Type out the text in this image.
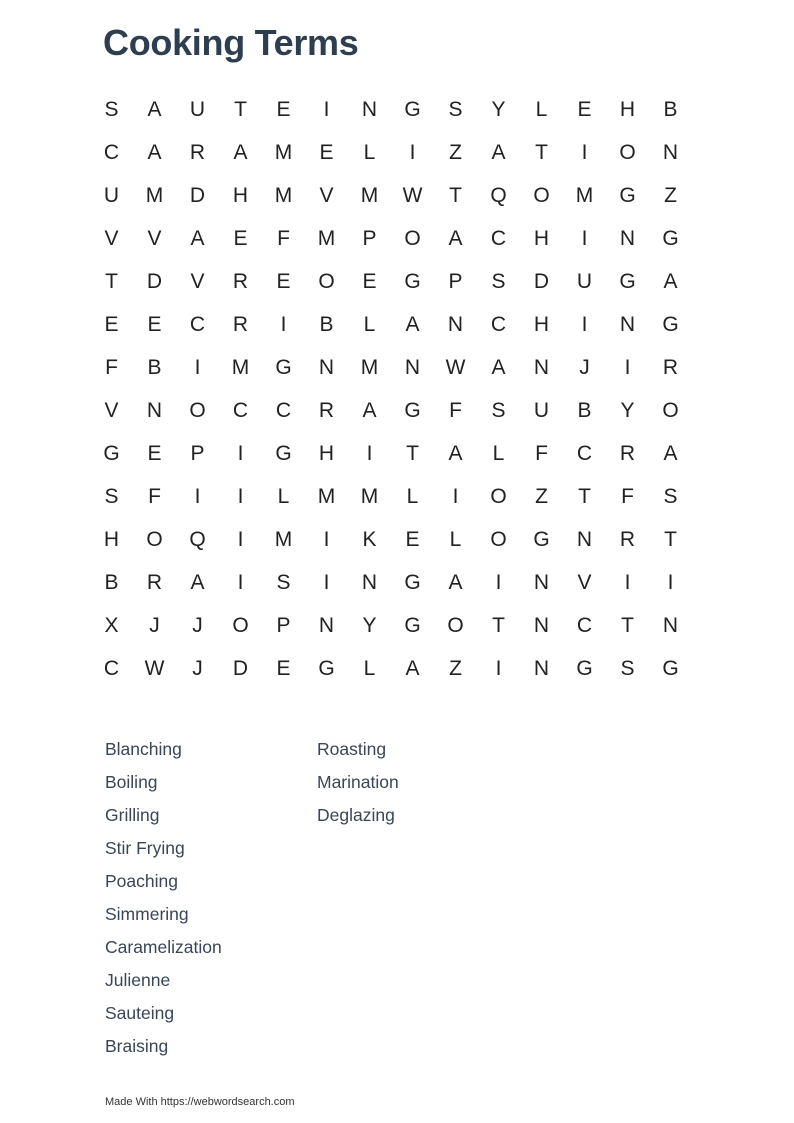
Cooking Terms
S	A	U	T	E	I	N	G	S	Y	L	E	H	B
C	A	R	A	M	E	L	I	Z	A	T	I	O	N
U	M	D	H	M	V	M	W	T	Q	O	M	G	Z
V	V	A	E	F	M	P	O	A	C	H	I	N	G
T	D	V	R	E	O	E	G	P	S	D	U	G	A
E	E	C	R	I	B	L	A	N	C	H	I	N	G
F	B	I	M	G	N	M	N	W	A	N	J	I	R
V	N	O	C	C	R	A	G	F	S	U	B	Y	O
G	E	P	I	G	H	I	T	A	L	F	C	R	A
S	F	I	I	L	M	M	L	I	O	Z	T	F	S
H	O	Q	I	M	I	K	E	L	O	G	N	R	T
B	R	A	I	S	I	N	G	A	I	N	V	I	I
X	J	J	O	P	N	Y	G	O	T	N	C	T	N
C	W	J	D	E	G	L	A	Z	I	N	G	S	G
Blanching
Boiling
Grilling
Stir Frying
Poaching
Simmering
Caramelization
Julienne
Sauteing
Braising
Roasting
Marination
Deglazing
Made With https://webwordsearch.com
